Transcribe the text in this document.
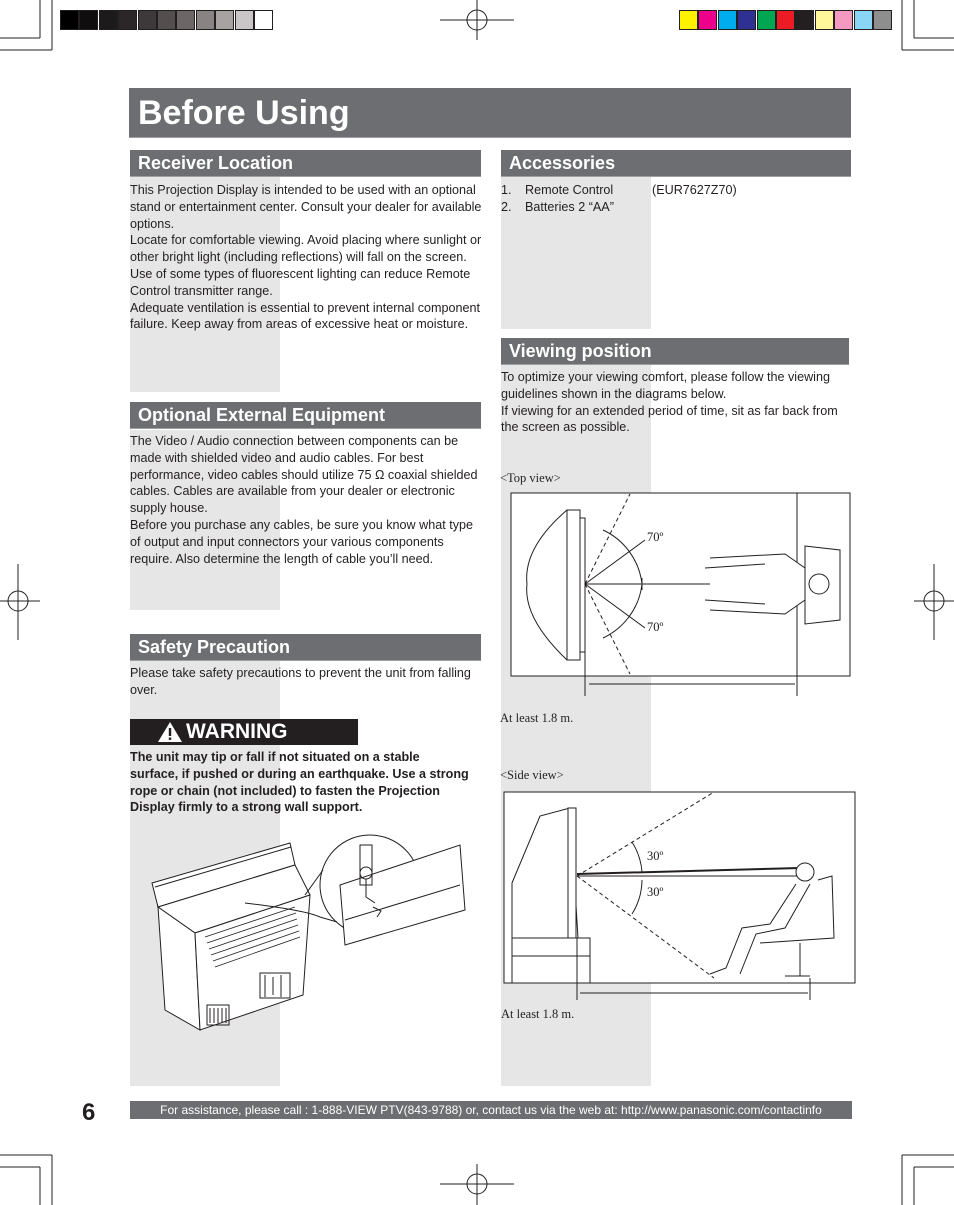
Before Using
Receiver Location

This Projection Display is intended to be used with an optional stand or entertainment center. Consult your dealer for available options.

Locate for comfortable viewing. Avoid placing where sunlight or other bright light (including reflections) will fall on the screen.

Use of some types of fluorescent lighting can reduce Remote Control transmitter range.

Adequate ventilation is essential to prevent internal component failure. Keep away from areas of excessive heat or moisture.

Optional External Equipment

The Video / Audio connection between components can be made with shielded video and audio cables. For best performance, video cables should utilize 75 Ω coaxial shielded cables. Cables are available from your dealer or electronic supply house.

Before you purchase any cables, be sure you know what type of output and input connectors your various components require. Also determine the length of cable you’ll need.

Safety Precaution
Please take safety precautions to prevent the unit from falling over.
WARNING
The unit may tip or fall if not situated on a stable surface, if pushed or during an earthquake. Use a strong rope or chain (not included) to fasten the Projection Display firmly to a strong wall support.
Accessories
1. Remote Control	(EUR7627Z70)
2. Batteries 2 “AA”
Viewing position

To optimize your viewing comfort, please follow the viewing guidelines shown in the diagrams below.

If viewing for an extended period of time, sit as far back from the screen as possible.

<Top view>
70º
70º
At least 1.8 m.
<Side view>
30º
30º
At least 1.8 m.
6	For assistance, please call : 1-888-VIEW PTV(843-9788) or, contact us via the web at: http://www.panasonic.com/contactinfo
